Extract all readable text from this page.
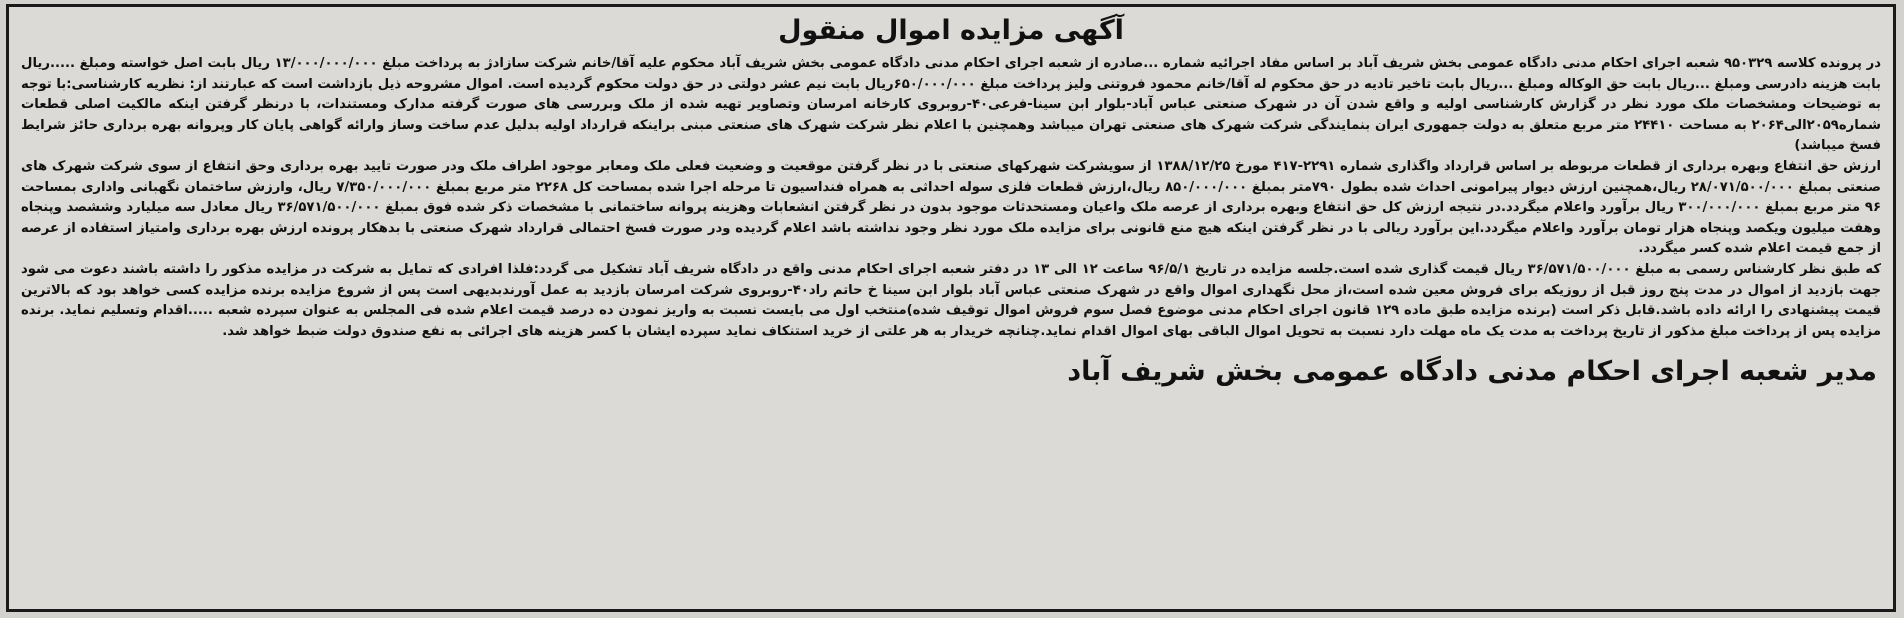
آگهی مزایده اموال منقول

در پرونده کلاسه ۹۵۰۳۲۹ شعبه اجرای احکام مدنی دادگاه عمومی بخش شریف آباد بر اساس مفاد اجرائیه شماره ...صادره از شعبه اجرای احکام مدنی دادگاه عمومی بخش شریف آباد محکوم علیه آقا/خانم شرکت سازادژ به پرداخت مبلغ ۱۳/۰۰۰/۰۰۰/۰۰۰ ریال بابت اصل خواسته ومبلغ .....ریال بابت هزینه دادرسی ومبلغ ...ریال بابت حق الوکاله ومبلغ ...ریال بابت تاخیر تادیه در حق محکوم له آقا/خانم محمود فروتنی ولیز پرداخت مبلغ ۶۵۰/۰۰۰/۰۰۰ریال بابت نیم عشر دولتی در حق دولت محکوم گردیده است. اموال مشروحه ذیل بازداشت است که عبارتند از: نظریه کارشناسی:با توجه به توضیحات ومشخصات ملک مورد نظر در گزارش کارشناسی اولیه و واقع شدن آن در شهرک صنعتی عباس آباد-بلوار ابن سینا-فرعی۴۰-روبروی کارخانه امرسان وتصاویر تهیه شده از ملک وبررسی های صورت گرفته مدارک ومستندات، با درنظر گرفتن اینکه مالکیت اصلی قطعات شماره۲۰۵۹الی۲۰۶۴ به مساحت ۲۴۴۱۰ متر مربع متعلق به دولت جمهوری ایران بنمایندگی شرکت شهرک های صنعتی تهران میباشد وهمچنین با اعلام نظر شرکت شهرک های صنعتی مبنی براینکه قرارداد اولیه بدلیل عدم ساخت وساز وارائه گواهی پایان کار وپروانه بهره برداری حائز شرایط فسخ میباشد)

ارزش حق انتفاع وبهره برداری از قطعات مربوطه بر اساس قرارداد واگذاری شماره ۲۲۹۱-۴۱۷ مورخ ۱۳۸۸/۱۲/۲۵ از سویشرکت شهرکهای صنعتی با در نظر گرفتن موقعیت و وضعیت فعلی ملک ومعابر موجود اطراف ملک ودر صورت تایید بهره برداری وحق انتفاع از سوی شرکت شهرک های صنعتی بمبلغ ۲۸/۰۷۱/۵۰۰/۰۰۰ ریال،همچنین ارزش دیوار پیرامونی احداث شده بطول ۷۹۰متر بمبلغ ۸۵۰/۰۰۰/۰۰۰ ریال،ارزش قطعات فلزی سوله احداثی به همراه فنداسیون تا مرحله اجرا شده بمساحت کل ۲۲۶۸ متر مربع بمبلغ ۷/۳۵۰/۰۰۰/۰۰۰ ریال، وارزش ساختمان نگهبانی واداری بمساحت ۹۶ متر مربع بمبلغ ۳۰۰/۰۰۰/۰۰۰ ریال برآورد واعلام میگردد.در نتیجه ارزش کل حق انتفاع وبهره برداری از عرصه ملک واعیان ومستحدثات موجود بدون در نظر گرفتن انشعابات وهزینه پروانه ساختمانی با مشخصات ذکر شده فوق بمبلغ ۳۶/۵۷۱/۵۰۰/۰۰۰ ریال معادل سه میلیارد وششصد وپنجاه وهفت میلیون ویکصد وپنجاه هزار تومان برآورد واعلام میگردد.این برآورد ریالی با در نظر گرفتن اینکه هیچ منع قانونی برای مزایده ملک مورد نظر وجود نداشته باشد اعلام گردیده ودر صورت فسخ احتمالی قرارداد شهرک صنعتی با بدهکار پرونده ارزش بهره برداری وامتیاز استفاده از عرصه از جمع قیمت اعلام شده کسر میگردد.

که طبق نظر کارشناس رسمی به مبلغ ۳۶/۵۷۱/۵۰۰/۰۰۰ ریال قیمت گذاری شده است.جلسه مزایده در تاریخ ۹۶/۵/۱ ساعت ۱۲ الی ۱۳ در دفتر شعبه اجرای احکام مدنی واقع در دادگاه شریف آباد تشکیل می گردد:فلذا افرادی که تمایل به شرکت در مزایده مذکور را داشته باشند دعوت می شود جهت بازدید از اموال در مدت پنج روز قبل از روزیکه برای فروش معین شده است،از محل نگهداری اموال واقع در شهرک صنعتی عباس آباد بلوار ابن سینا خ حاتم راد۴۰-روبروی شرکت امرسان بازدید به عمل آورندبدیهی است پس از شروع مزایده برنده مزایده کسی خواهد بود که بالاترین قیمت پیشنهادی را ارائه داده باشد.قابل ذکر است (برنده مزایده طبق ماده ۱۲۹ قانون اجرای احکام مدنی موضوع فصل سوم فروش اموال توقیف شده)منتخب اول می بایست نسبت به واریز نمودن ده درصد قیمت اعلام شده فی المجلس به عنوان سپرده شعبه .....اقدام وتسلیم نماید. برنده مزایده پس از پرداخت مبلغ مذکور از تاریخ پرداخت به مدت یک ماه مهلت دارد نسبت به تحویل اموال الباقی بهای اموال اقدام نماید.چنانچه خریدار به هر علتی از خرید استنکاف نماید سپرده ایشان با کسر هزینه های اجرائی به نفع صندوق دولت ضبط خواهد شد.

مدیر شعبه اجرای احکام مدنی دادگاه عمومی بخش شریف آباد
